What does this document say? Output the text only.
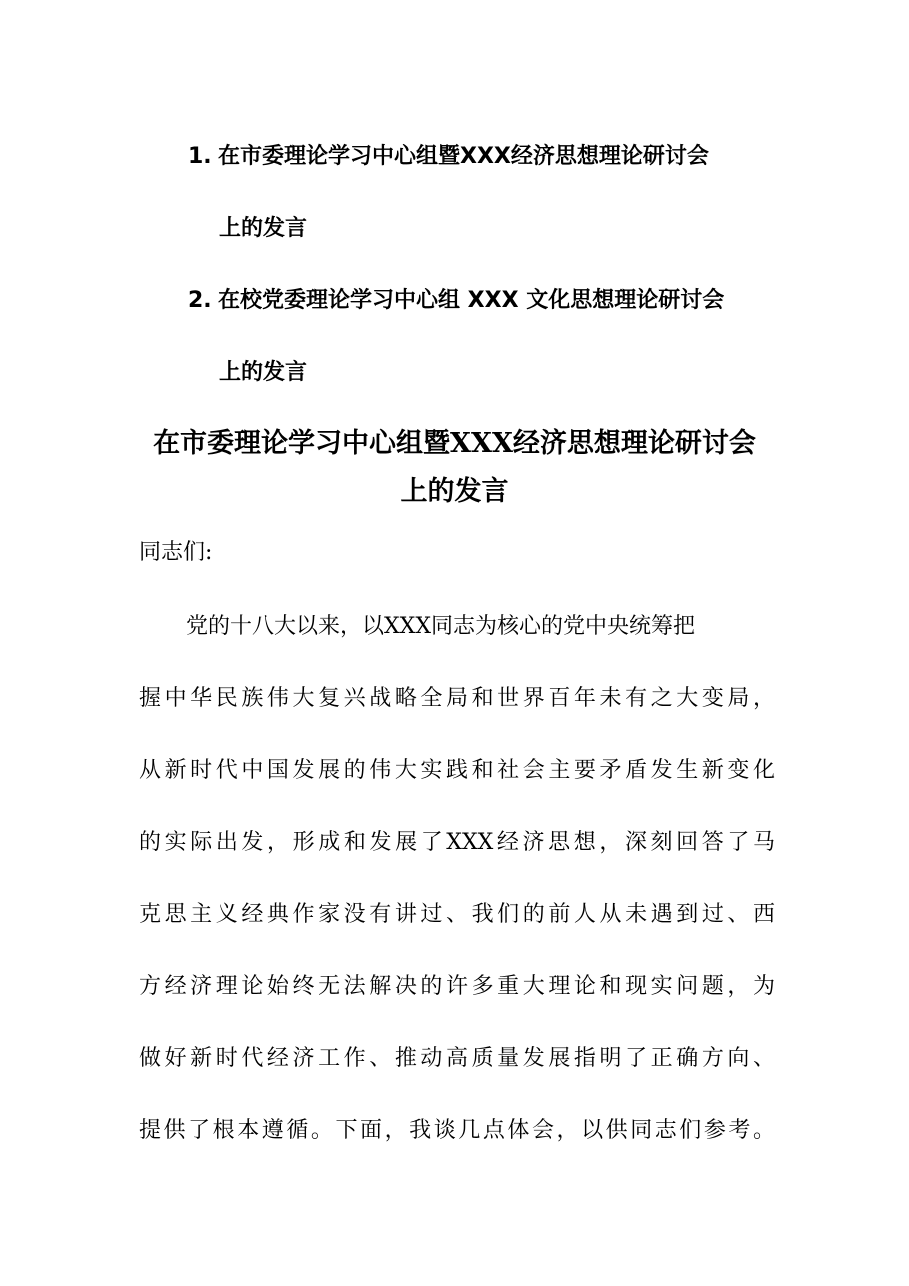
1. 在市委理论学习中心组暨XXX经济思想理论研讨会
上的发言
2. 在校党委理论学习中心组 XXX 文化思想理论研讨会
上的发言
在市委理论学习中心组暨XXX经济思想理论研讨会
上的发言
同志们:
党的十八大以来，以XXX同志为核心的党中央统筹把
握中华民族伟大复兴战略全局和世界百年未有之大变局，
从新时代中国发展的伟大实践和社会主要矛盾发生新变化
的实际出发，形成和发展了XXX经济思想，深刻回答了马
克思主义经典作家没有讲过、我们的前人从未遇到过、西
方经济理论始终无法解决的许多重大理论和现实问题，为
做好新时代经济工作、推动高质量发展指明了正确方向、
提供了根本遵循。下面，我谈几点体会，以供同志们参考。
